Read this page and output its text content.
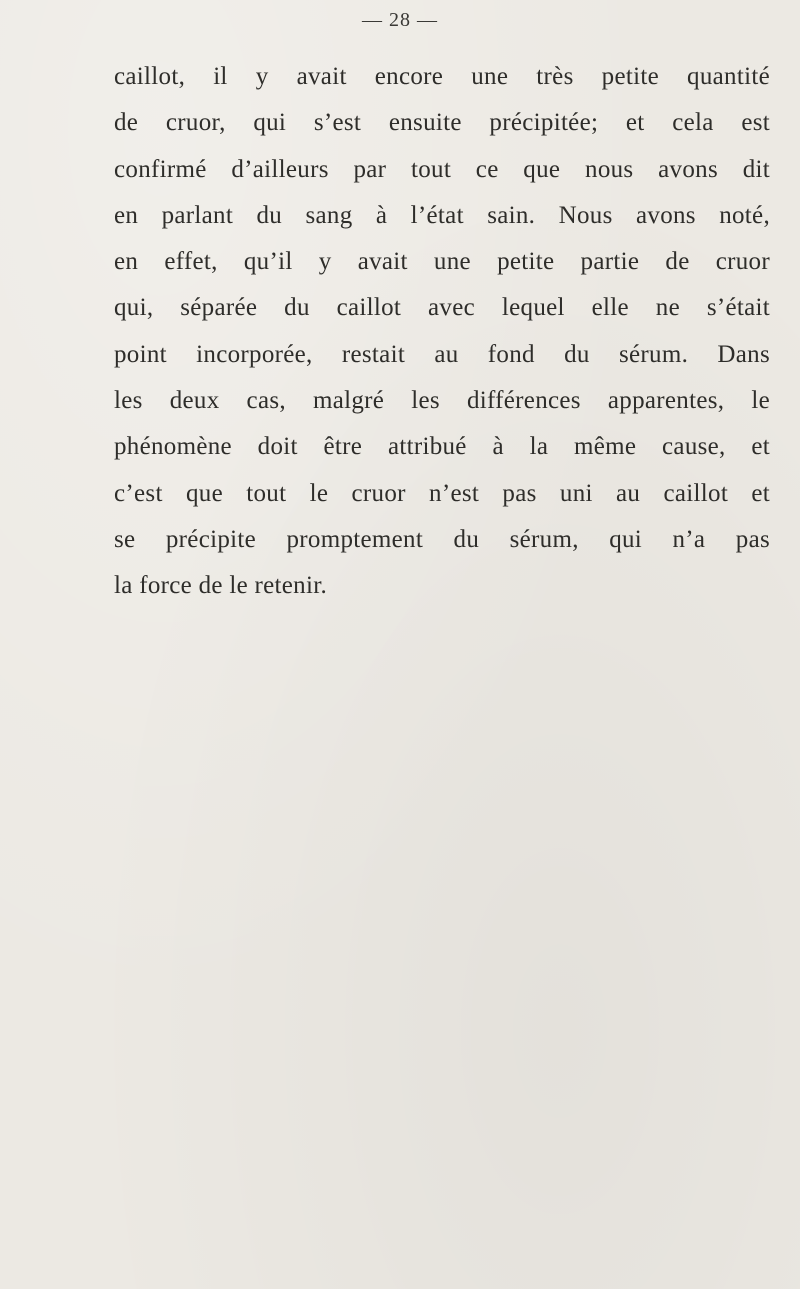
— 28 —
caillot, il y avait encore une très petite quantité
de cruor, qui s’est ensuite précipitée; et cela est
confirmé d’ailleurs par tout ce que nous avons dit
en parlant du sang à l’état sain. Nous avons noté,
en effet, qu’il y avait une petite partie de cruor
qui, séparée du caillot avec lequel elle ne s’était
point incorporée, restait au fond du sérum. Dans
les deux cas, malgré les différences apparentes, le
phénomène doit être attribué à la même cause, et
c’est que tout le cruor n’est pas uni au caillot et
se précipite promptement du sérum, qui n’a pas
la force de le retenir.
